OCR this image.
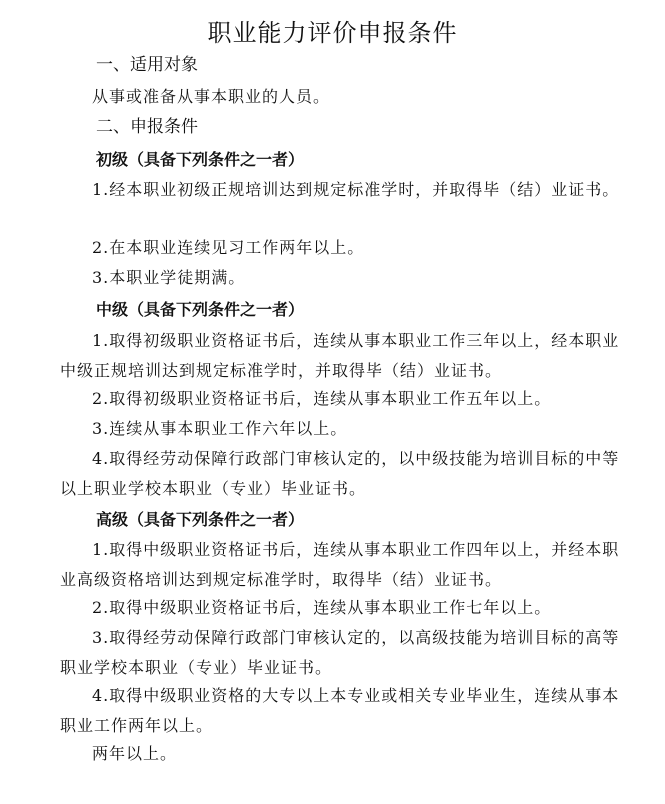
职业能力评价申报条件
一、适用对象
从事或准备从事本职业的人员。
二、申报条件
初级（具备下列条件之一者）
1.经本职业初级正规培训达到规定标准学时，并取得毕（结）业证书。
2.在本职业连续见习工作两年以上。
3.本职业学徒期满。
中级（具备下列条件之一者）
1.取得初级职业资格证书后，连续从事本职业工作三年以上，经本职业中级正规培训达到规定标准学时，并取得毕（结）业证书。
2.取得初级职业资格证书后，连续从事本职业工作五年以上。
3.连续从事本职业工作六年以上。
4.取得经劳动保障行政部门审核认定的，以中级技能为培训目标的中等以上职业学校本职业（专业）毕业证书。
高级（具备下列条件之一者）
1.取得中级职业资格证书后，连续从事本职业工作四年以上，并经本职业高级资格培训达到规定标准学时，取得毕（结）业证书。
2.取得中级职业资格证书后，连续从事本职业工作七年以上。
3.取得经劳动保障行政部门审核认定的，以高级技能为培训目标的高等职业学校本职业（专业）毕业证书。
4.取得中级职业资格的大专以上本专业或相关专业毕业生，连续从事本职业工作两年以上。
两年以上。
